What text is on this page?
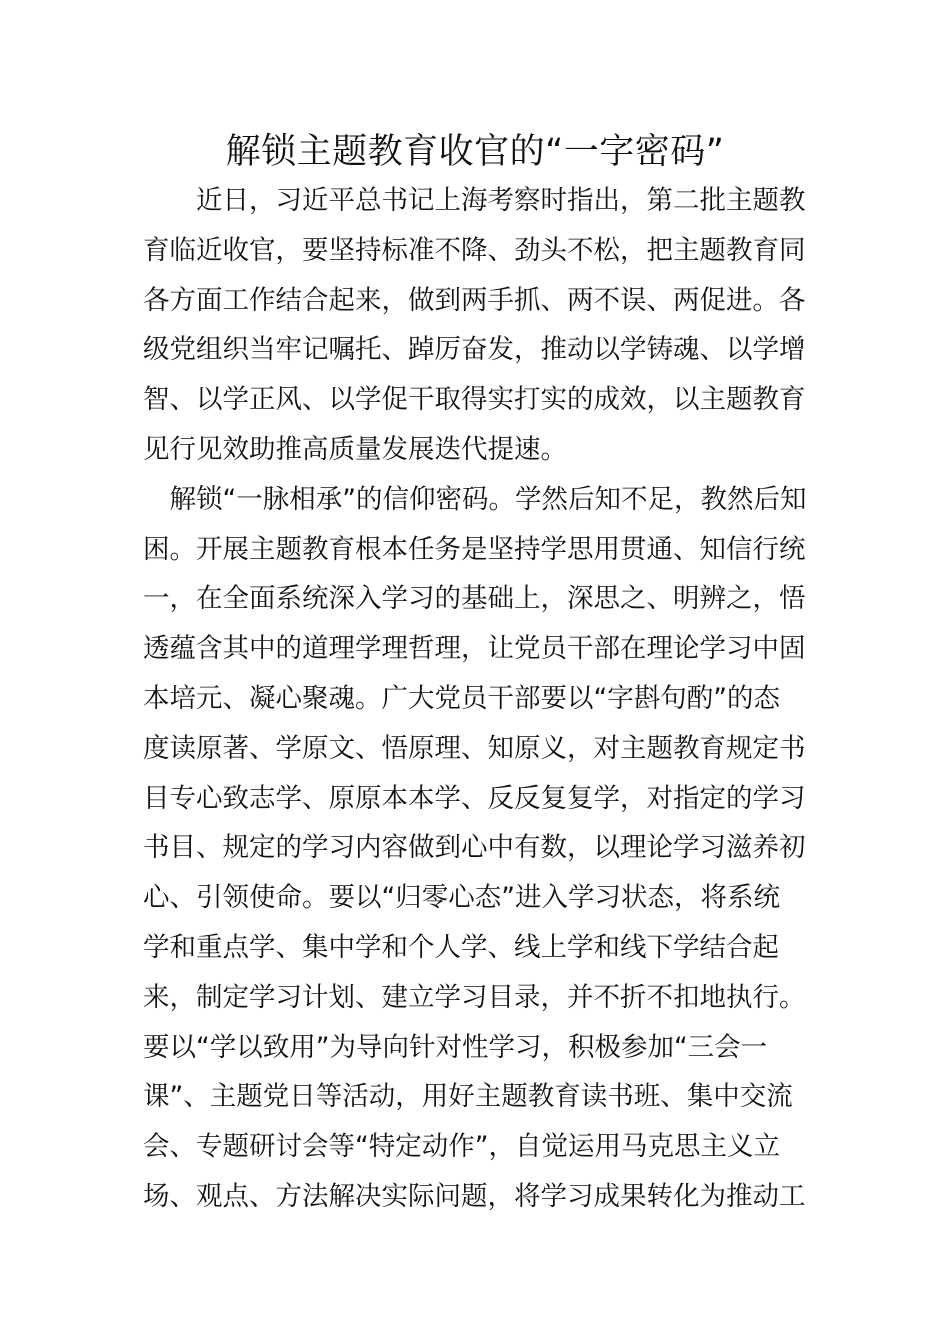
解锁主题教育收官的“一字密码”
　　近日，习近平总书记上海考察时指出，第二批主题教
育临近收官，要坚持标准不降、劲头不松，把主题教育同
各方面工作结合起来，做到两手抓、两不误、两促进。各
级党组织当牢记嘱托、踔厉奋发，推动以学铸魂、以学增
智、以学正风、以学促干取得实打实的成效，以主题教育
见行见效助推高质量发展迭代提速。
　解锁“一脉相承”的信仰密码。学然后知不足，教然后知
困。开展主题教育根本任务是坚持学思用贯通、知信行统
一，在全面系统深入学习的基础上，深思之、明辨之，悟
透蕴含其中的道理学理哲理，让党员干部在理论学习中固
本培元、凝心聚魂。广大党员干部要以“字斟句酌”的态
度读原著、学原文、悟原理、知原义，对主题教育规定书
目专心致志学、原原本本学、反反复复学，对指定的学习
书目、规定的学习内容做到心中有数，以理论学习滋养初
心、引领使命。要以“归零心态”进入学习状态，将系统
学和重点学、集中学和个人学、线上学和线下学结合起
来，制定学习计划、建立学习目录，并不折不扣地执行。
要以“学以致用”为导向针对性学习，积极参加“三会一
课”、主题党日等活动，用好主题教育读书班、集中交流
会、专题研讨会等“特定动作”，自觉运用马克思主义立
场、观点、方法解决实际问题，将学习成果转化为推动工
